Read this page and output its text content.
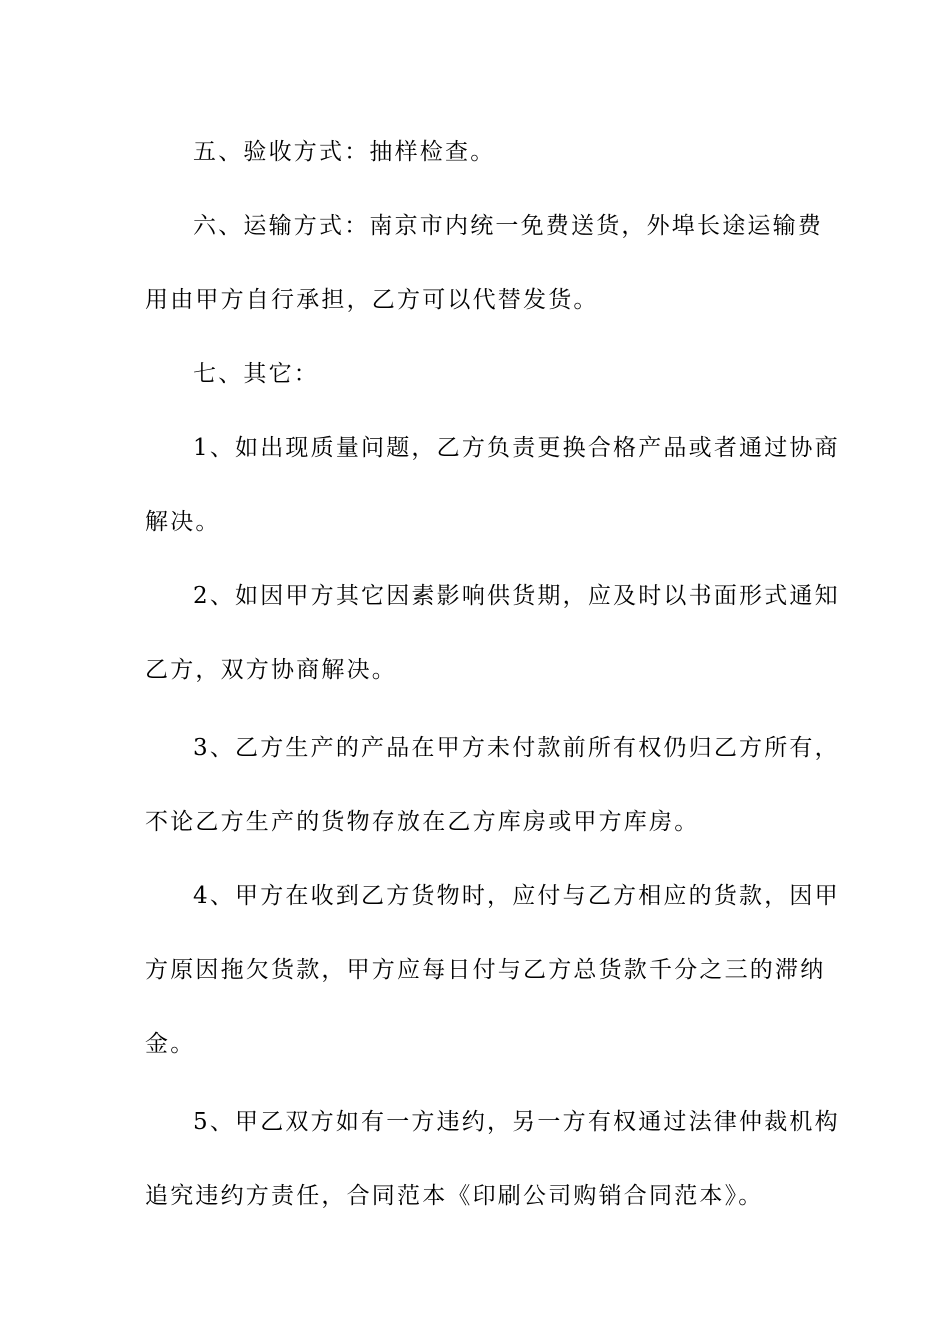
五、验收方式：抽样检查。
六、运输方式：南京市内统一免费送货，外埠长途运输费
用由甲方自行承担，乙方可以代替发货。
七、其它：
1、如出现质量问题，乙方负责更换合格产品或者通过协商
解决。
2、如因甲方其它因素影响供货期，应及时以书面形式通知
乙方，双方协商解决。
3、乙方生产的产品在甲方未付款前所有权仍归乙方所有，
不论乙方生产的货物存放在乙方库房或甲方库房。
4、甲方在收到乙方货物时，应付与乙方相应的货款，因甲
方原因拖欠货款，甲方应每日付与乙方总货款千分之三的滞纳
金。
5、甲乙双方如有一方违约，另一方有权通过法律仲裁机构
追究违约方责任，合同范本《印刷公司购销合同范本》。
